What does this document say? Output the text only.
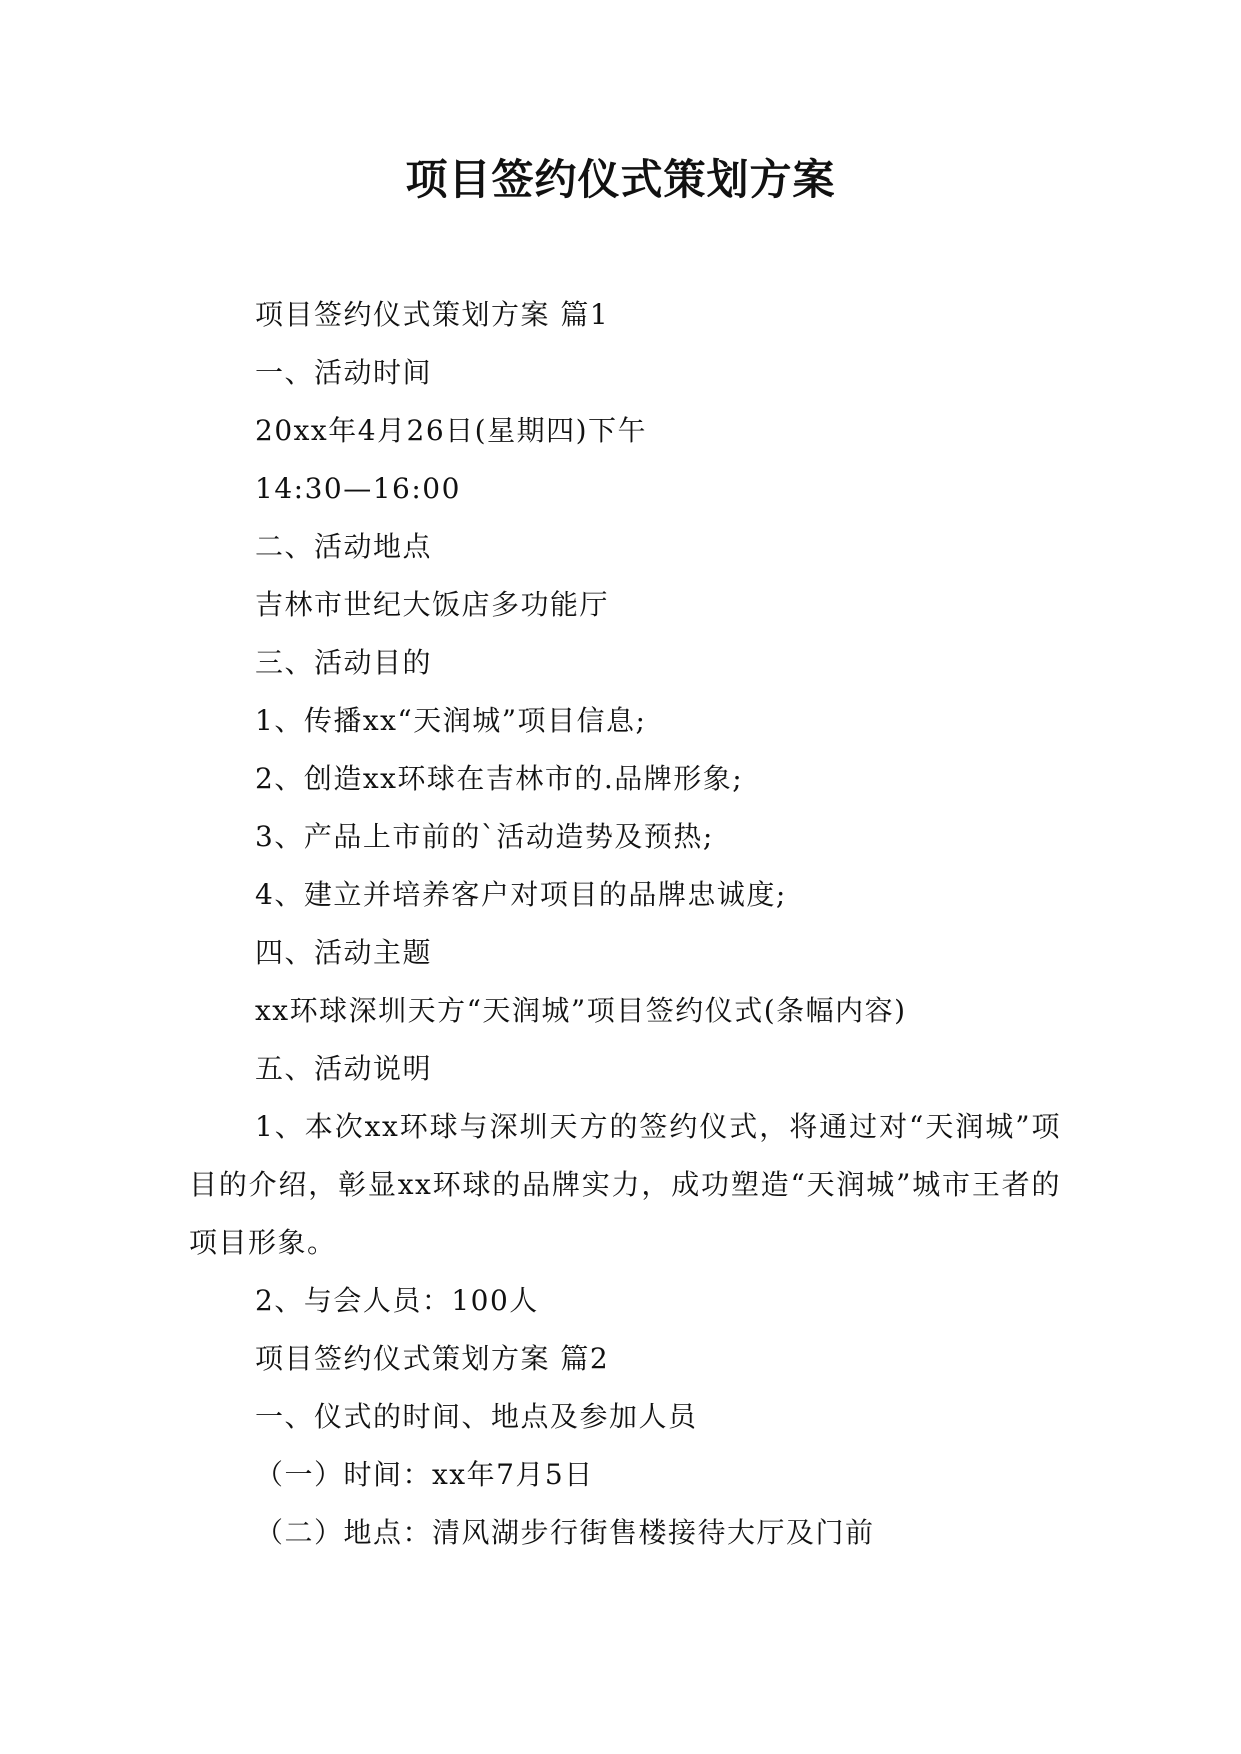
项目签约仪式策划方案

项目签约仪式策划方案 篇1

一、活动时间

20xx年4月26日(星期四)下午

14:30—16:00

二、活动地点

吉林市世纪大饭店多功能厅

三、活动目的

1、传播xx“天润城”项目信息;

2、创造xx环球在吉林市的.品牌形象;

3、产品上市前的`活动造势及预热;

4、建立并培养客户对项目的品牌忠诚度;

四、活动主题

xx环球深圳天方“天润城”项目签约仪式(条幅内容)

五、活动说明

1、本次xx环球与深圳天方的签约仪式，将通过对“天润城”项目的介绍，彰显xx环球的品牌实力，成功塑造“天润城”城市王者的项目形象。

2、与会人员：100人

项目签约仪式策划方案 篇2

一、仪式的时间、地点及参加人员

（一）时间：xx年7月5日

（二）地点：清风湖步行街售楼接待大厅及门前
